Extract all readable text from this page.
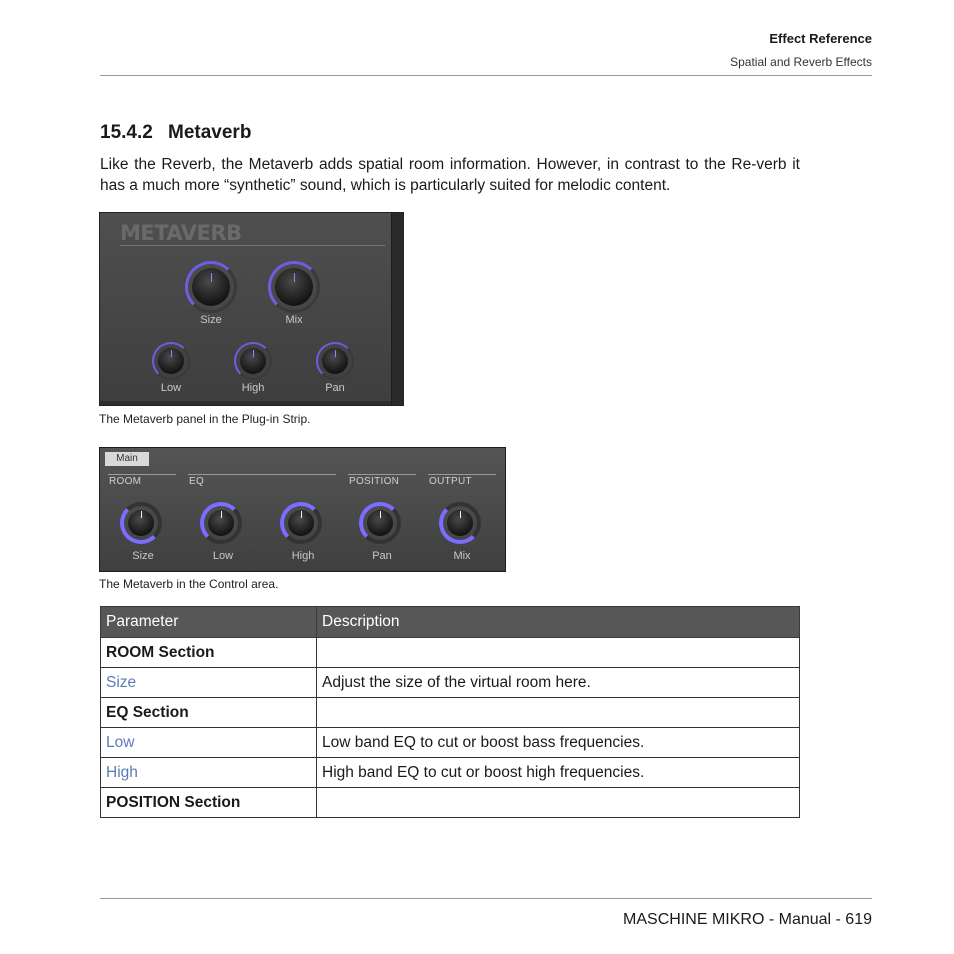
Effect Reference
Spatial and Reverb Effects
15.4.2 Metaverb
Like the Reverb, the Metaverb adds spatial room information. However, in contrast to the Re-verb it has a much more “synthetic” sound, which is particularly suited for melodic content.
METAVERB
Size	Mix
Low	High	Pan
The Metaverb panel in the Plug-in Strip.
Main
ROOM	EQ	POSITION	OUTPUT
Size	Low	High	Pan	Mix
The Metaverb in the Control area.
Parameter	Description
ROOM Section	
Size	Adjust the size of the virtual room here.
EQ Section	
Low	Low band EQ to cut or boost bass frequencies.
High	High band EQ to cut or boost high frequencies.
POSITION Section	
MASCHINE MIKRO - Manual - 619
